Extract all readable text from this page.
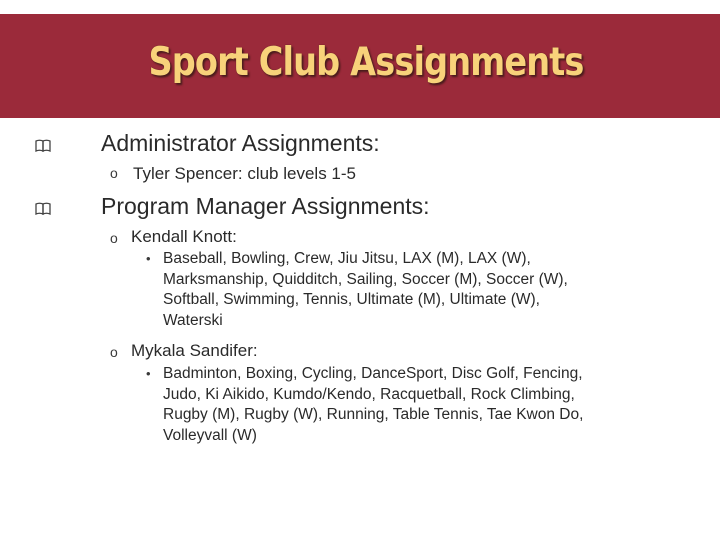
Sport Club Assignments
Administrator Assignments:
o Tyler Spencer: club levels 1-5
Program Manager Assignments:
o Kendall Knott:
• Baseball, Bowling, Crew, Jiu Jitsu, LAX (M), LAX (W),
Marksmanship, Quidditch, Sailing, Soccer (M), Soccer (W),
Softball, Swimming, Tennis, Ultimate (M), Ultimate (W),
Waterski
o Mykala Sandifer:
• Badminton, Boxing, Cycling, DanceSport, Disc Golf, Fencing,
Judo, Ki Aikido, Kumdo/Kendo, Racquetball, Rock Climbing,
Rugby (M), Rugby (W), Running, Table Tennis, Tae Kwon Do,
Volleyvall (W)
